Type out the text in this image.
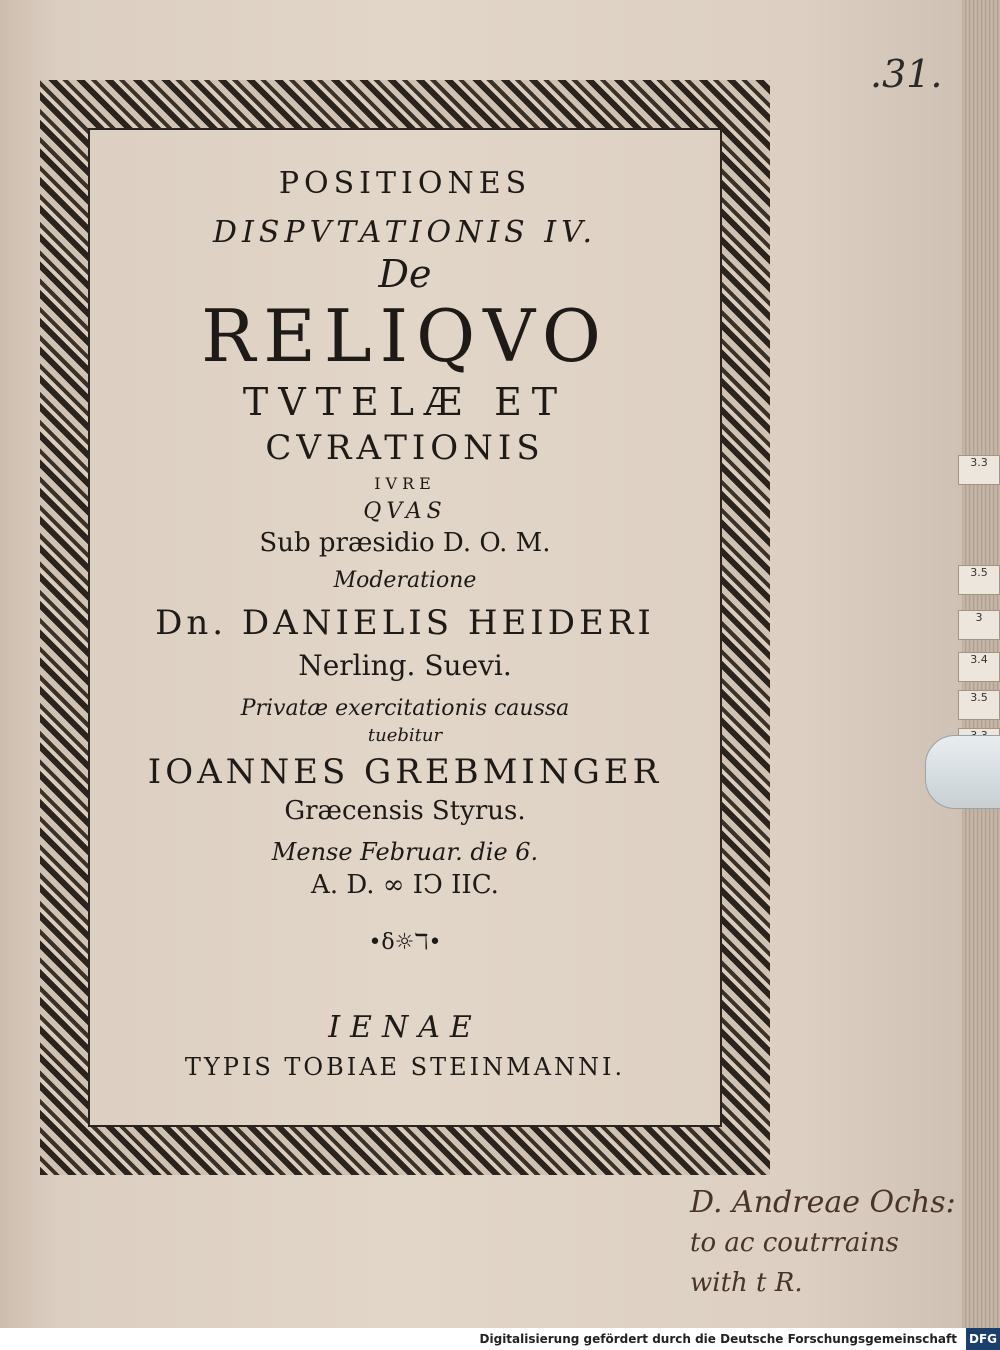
3.3
3.5
3
3.4
3.5
.31.
POSITIONES
DISPVTATIONIS IV.
De
RELIQVO
TVTELÆ ET
CVRATIONIS
IVRE
QVAS
Sub præsidio D. O. M.
Moderatione
Dn. DANIELIS HEIDERI
Nerling. Suevi.
Privatæ exercitationis caussa
tuebitur
IOANNES GREBMINGER
Græcensis Styrus.
Mense Februar. die 6.
A. D. ∞ IↃ IIC.
•δ☼ℸ•
IENAE
TYPIS TOBIAE STEINMANNI.
D. Andreae Ochs:
to ac coutrrains
with t R.
Digitalisierung gefördert durch die Deutsche Forschungsgemeinschaft DFG
